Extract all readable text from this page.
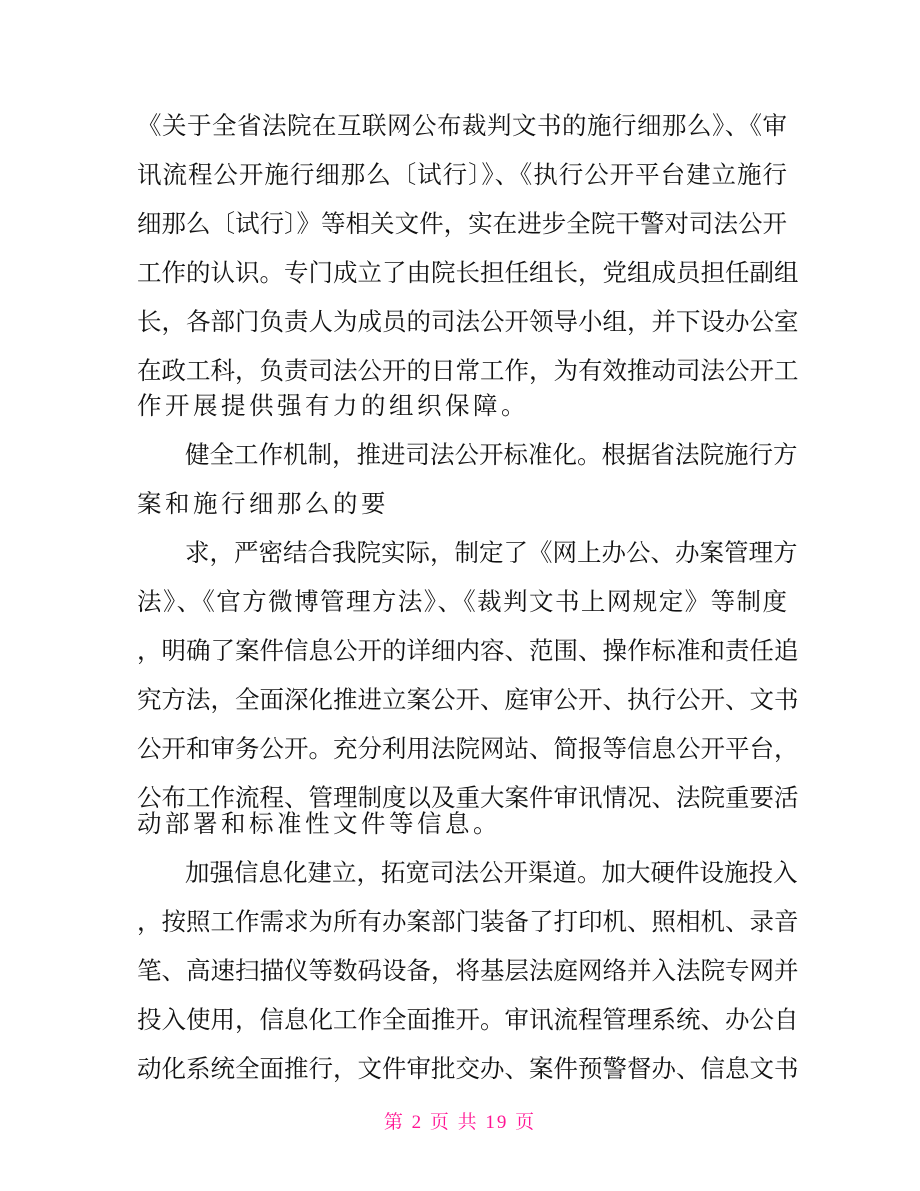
《关于全省法院在互联网公布裁判文书的施行细那么》、《审
讯流程公开施行细那么〔试行〕》、《执行公开平台建立施行
细那么〔试行〕》等相关文件，实在进步全院干警对司法公开
工作的认识。专门成立了由院长担任组长，党组成员担任副组
长，各部门负责人为成员的司法公开领导小组，并下设办公室
在政工科，负责司法公开的日常工作，为有效推动司法公开工
作开展提供强有力的组织保障。
健全工作机制，推进司法公开标准化。根据省法院施行方
案和施行细那么的要
求，严密结合我院实际，制定了《网上办公、办案管理方
法》、《官方微博管理方法》、《裁判文书上网规定》等制度
，明确了案件信息公开的详细内容、范围、操作标准和责任追
究方法，全面深化推进立案公开、庭审公开、执行公开、文书
公开和审务公开。充分利用法院网站、简报等信息公开平台，
公布工作流程、管理制度以及重大案件审讯情况、法院重要活
动部署和标准性文件等信息。
加强信息化建立，拓宽司法公开渠道。加大硬件设施投入
，按照工作需求为所有办案部门装备了打印机、照相机、录音
笔、高速扫描仪等数码设备，将基层法庭网络并入法院专网并
投入使用，信息化工作全面推开。审讯流程管理系统、办公自
动化系统全面推行，文件审批交办、案件预警督办、信息文书
第 2 页 共 19 页
